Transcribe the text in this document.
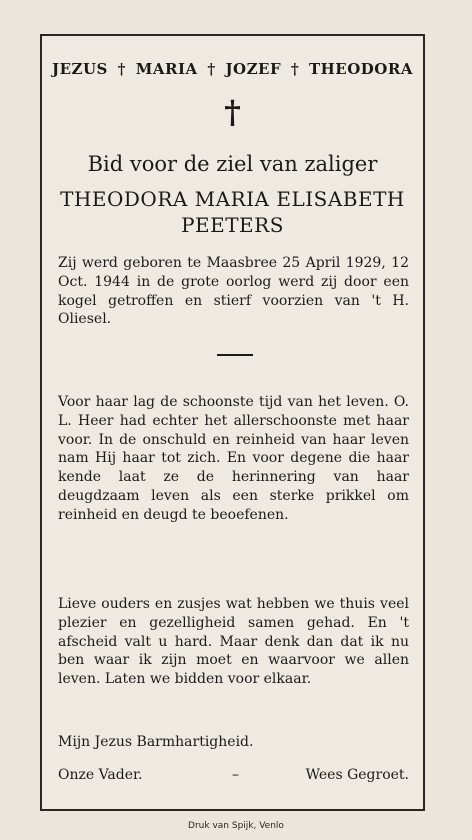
JEZUS † MARIA † JOZEF † THEODORA
†
Bid voor de ziel van zaliger
THEODORA MARIA ELISABETH
PEETERS
Zij werd geboren te Maasbree 25 April 1929, 12 Oct. 1944 in de grote oorlog werd zij door een kogel getroffen en stierf voorzien van 't H. Oliesel.
Voor haar lag de schoonste tijd van het leven. O. L. Heer had echter het allerschoonste met haar voor. In de onschuld en reinheid van haar leven nam Hij haar tot zich. En voor degene die haar kende laat ze de herinnering van haar deugdzaam leven als een sterke prikkel om reinheid en deugd te beoefenen.
Lieve ouders en zusjes wat hebben we thuis veel plezier en gezelligheid samen gehad. En 't afscheid valt u hard. Maar denk dan dat ik nu ben waar ik zijn moet en waarvoor we allen leven. Laten we bidden voor elkaar.
Mijn Jezus Barmhartigheid.
Onze Vader.	–	Wees Gegroet.
Druk van Spijk, Venlo
